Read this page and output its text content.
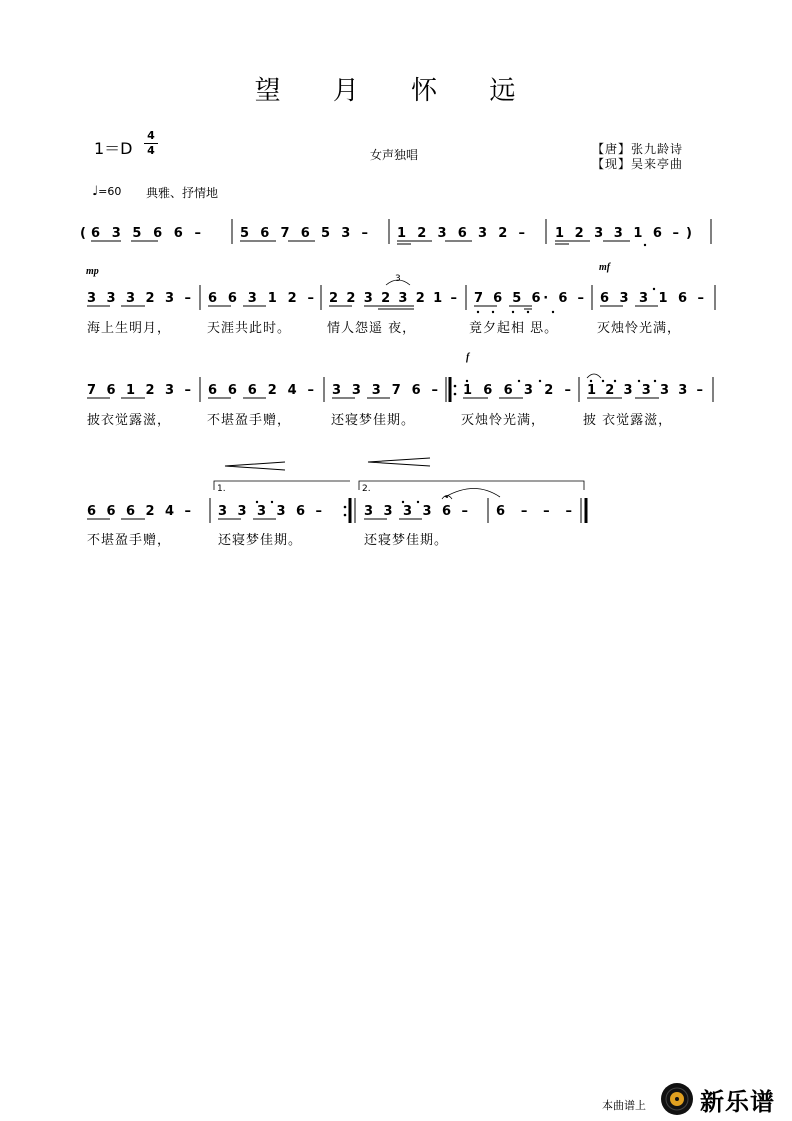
望 月 怀 远
1＝D
4
4	女声独唱	【唐】张九龄诗
【现】吴来亭曲
♩=60 典雅、抒情地
( 6 3 5 6 6 –	5 6 7 6 5 3 – 1 2 3 6 3 2 – 1 2 3 3 1 6 – )
mp	mf
3
3 3 3 2 3 – 6 6 3 1 2 – 2 2 3 2 3 2 1 – 7 6 5 6· 6 – 6 3 3 1 6 –
f
7 6 1 2 3 – 6 6 6 2 4 – 3 3 3 7 6 – 1 6 6 3 2 – 1 2 3 3 3 3 –
1.	2.
6 6 6 2 4 – 3 3 3 3 6 –	3 3 3 3 6 – 6 – – –
海上生明月，	天涯共此时。	情人怨遥 夜，	竟夕起相 思。	灭烛怜光满，
披衣觉露滋，	不堪盈手赠，	还寝梦佳期。	灭烛怜光满，	披 衣觉露滋，
不堪盈手赠，	还寝梦佳期。	还寝梦佳期。
本曲谱上 新乐谱
